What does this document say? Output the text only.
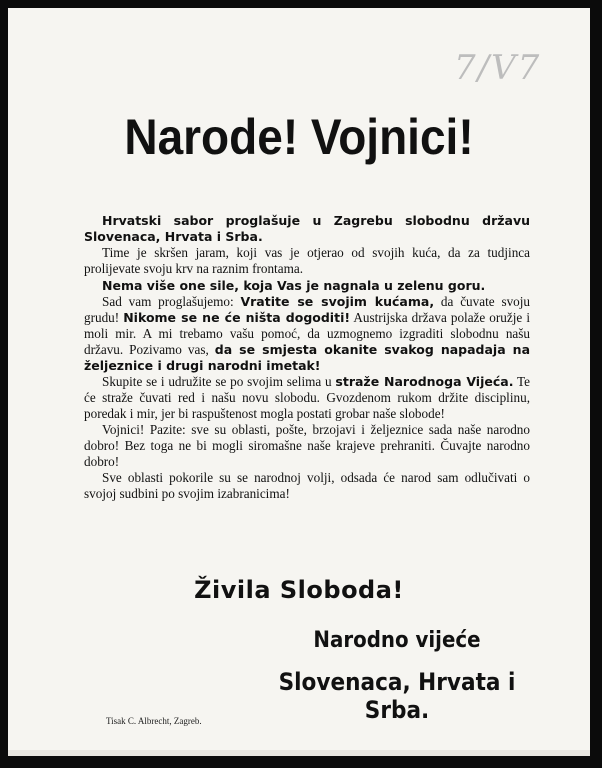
7/V7
Narode! Vojnici!

Hrvatski sabor proglašuje u Zagrebu slobodnu državu Slovenaca, Hrvata i Srba.

Time je skršen jaram, koji vas je otjerao od svojih kuća, da za tudjinca prolijevate svoju krv na raznim frontama.

Nema više one sile, koja Vas je nagnala u zelenu goru.

Sad vam proglašujemo: Vratite se svojim kućama, da čuvate svoju grudu! Nikome se ne će ništa dogoditi! Austrijska država polaže oružje i moli mir. A mi trebamo vašu pomoć, da uzmognemo izgraditi slobodnu našu državu. Pozivamo vas, da se smjesta okanite svakog napadaja na željeznice i drugi narodni imetak!

Skupite se i udružite se po svojim selima u straže Narodnoga Vijeća. Te će straže čuvati red i našu novu slobodu. Gvozdenom rukom držite disciplinu, poredak i mir, jer bi raspuštenost mogla postati grobar naše slobode!

Vojnici! Pazite: sve su oblasti, pošte, brzojavi i željeznice sada naše narodno dobro! Bez toga ne bi mogli siromašne naše krajeve prehraniti. Čuvajte narodno dobro!

Sve oblasti pokorile su se narodnoj volji, odsada će narod sam odlučivati o svojoj sudbini po svojim izabranicima!

Živila Sloboda!
Narodno vijeće
Slovenaca, Hrvata i Srba.
Tisak C. Albrecht, Zagreb.
